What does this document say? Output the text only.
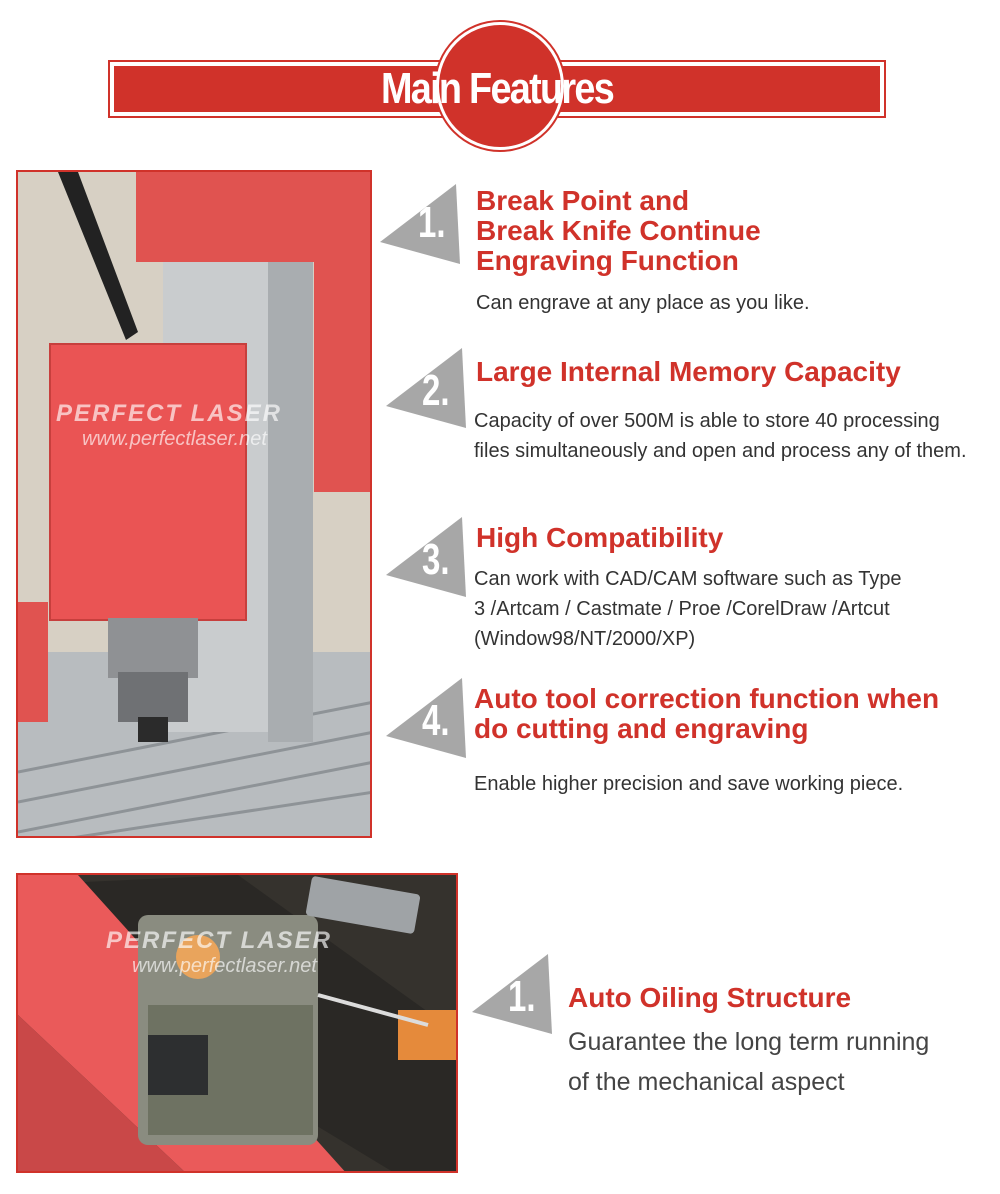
Main Features
PERFECT LASER
www.perfectlaser.net
1. Break Point and
Break Knife Continue
Engraving Function
Can engrave at any place as you like.
2. Large Internal Memory Capacity
Capacity of over 500M is able to store 40 processing
files simultaneously and open and process any of them.
3. High Compatibility
Can work with CAD/CAM software such as Type
3 /Artcam / Castmate / Proe /CorelDraw /Artcut
(Window98/NT/2000/XP)
4. Auto tool correction function when
do cutting and engraving
Enable higher precision and save working piece.
PERFECT LASER
www.perfectlaser.net
1. Auto Oiling Structure
Guarantee the long term running
of the mechanical aspect
